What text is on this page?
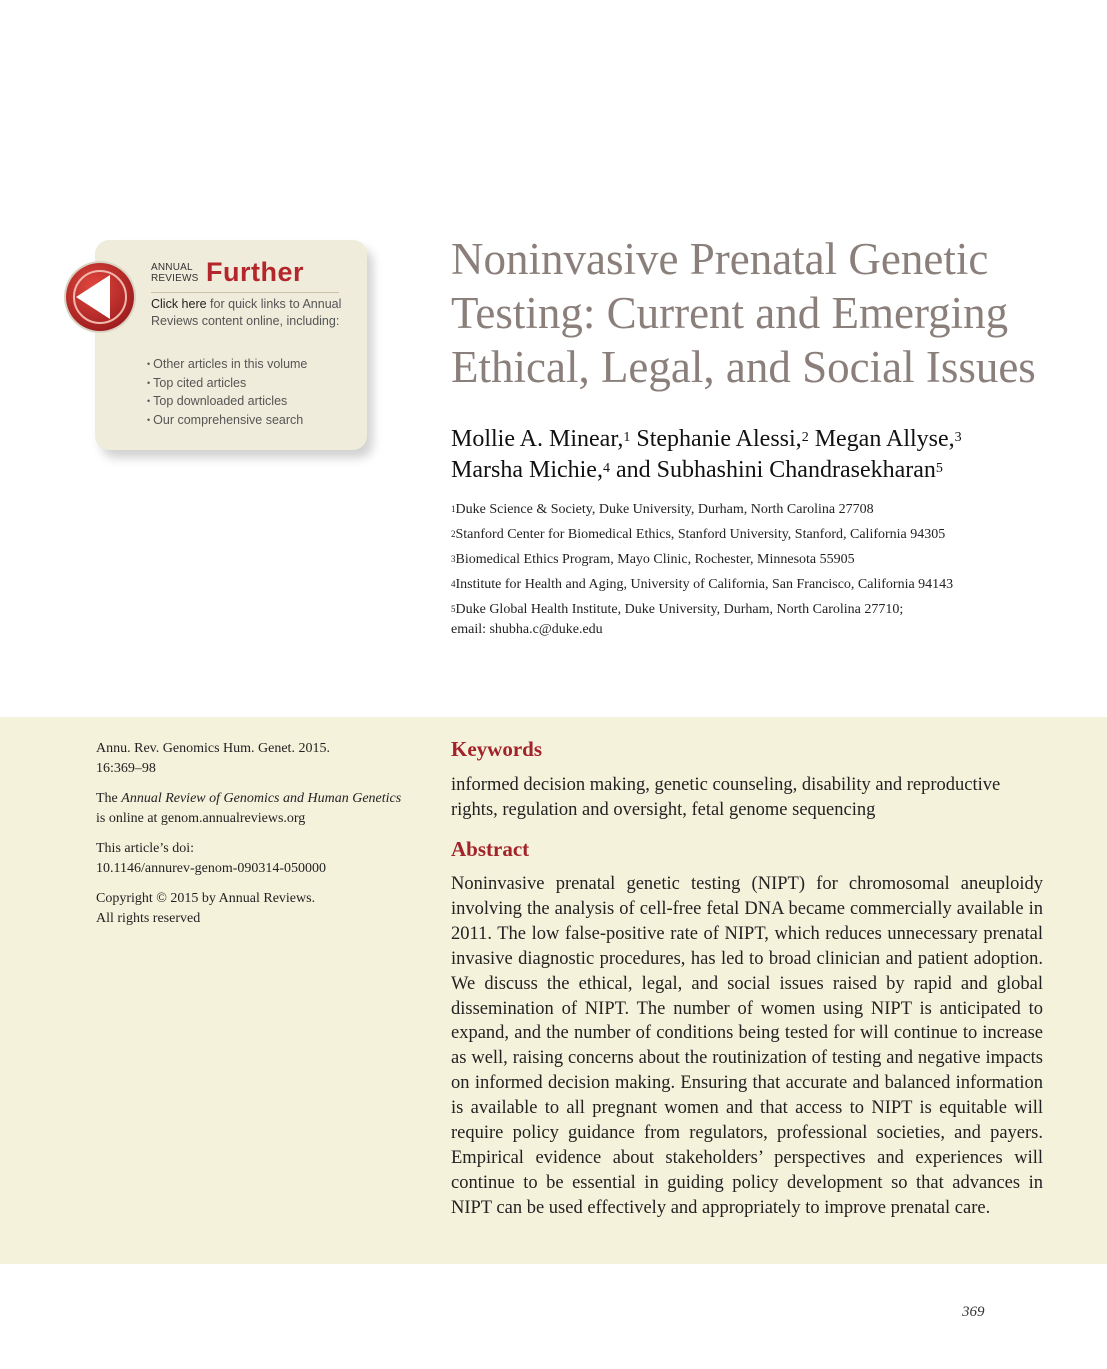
ANNUAL
REVIEWS Further
Click here for quick links to Annual Reviews content online, including:
• Other articles in this volume
• Top cited articles
• Top downloaded articles
• Our comprehensive search
Noninvasive Prenatal Genetic Testing: Current and Emerging Ethical, Legal, and Social Issues
Mollie A. Minear,$^1$ Stephanie Alessi,$^2$ Megan Allyse,$^3$
Marsha Michie,$^4$ and Subhashini Chandrasekharan$^5$
$^1$Duke Science & Society, Duke University, Durham, North Carolina 27708
$^2$Stanford Center for Biomedical Ethics, Stanford University, Stanford, California 94305
$^3$Biomedical Ethics Program, Mayo Clinic, Rochester, Minnesota 55905
$^4$Institute for Health and Aging, University of California, San Francisco, California 94143
$^5$Duke Global Health Institute, Duke University, Durham, North Carolina 27710;
email: shubha.c@duke.edu

Annu. Rev. Genomics Hum. Genet. 2015.
16:369–98

The Annual Review of Genomics and Human Genetics
is online at genom.annualreviews.org

This article’s doi:
10.1146/annurev-genom-090314-050000

Copyright © 2015 by Annual Reviews.
All rights reserved

Keywords
informed decision making, genetic counseling, disability and reproductive rights, regulation and oversight, fetal genome sequencing
Abstract
Noninvasive prenatal genetic testing (NIPT) for chromosomal aneuploidy involving the analysis of cell-free fetal DNA became commercially available in 2011. The low false-positive rate of NIPT, which reduces unnecessary prenatal invasive diagnostic procedures, has led to broad clinician and patient adoption. We discuss the ethical, legal, and social issues raised by rapid and global dissemination of NIPT. The number of women using NIPT is anticipated to expand, and the number of conditions being tested for will continue to increase as well, raising concerns about the routinization of testing and negative impacts on informed decision making. Ensuring that accurate and balanced information is available to all pregnant women and that access to NIPT is equitable will require policy guidance from regulators, professional societies, and payers. Empirical evidence about stakeholders’ perspectives and experiences will continue to be essential in guiding policy development so that advances in NIPT can be used effectively and appropriately to improve prenatal care.
369
